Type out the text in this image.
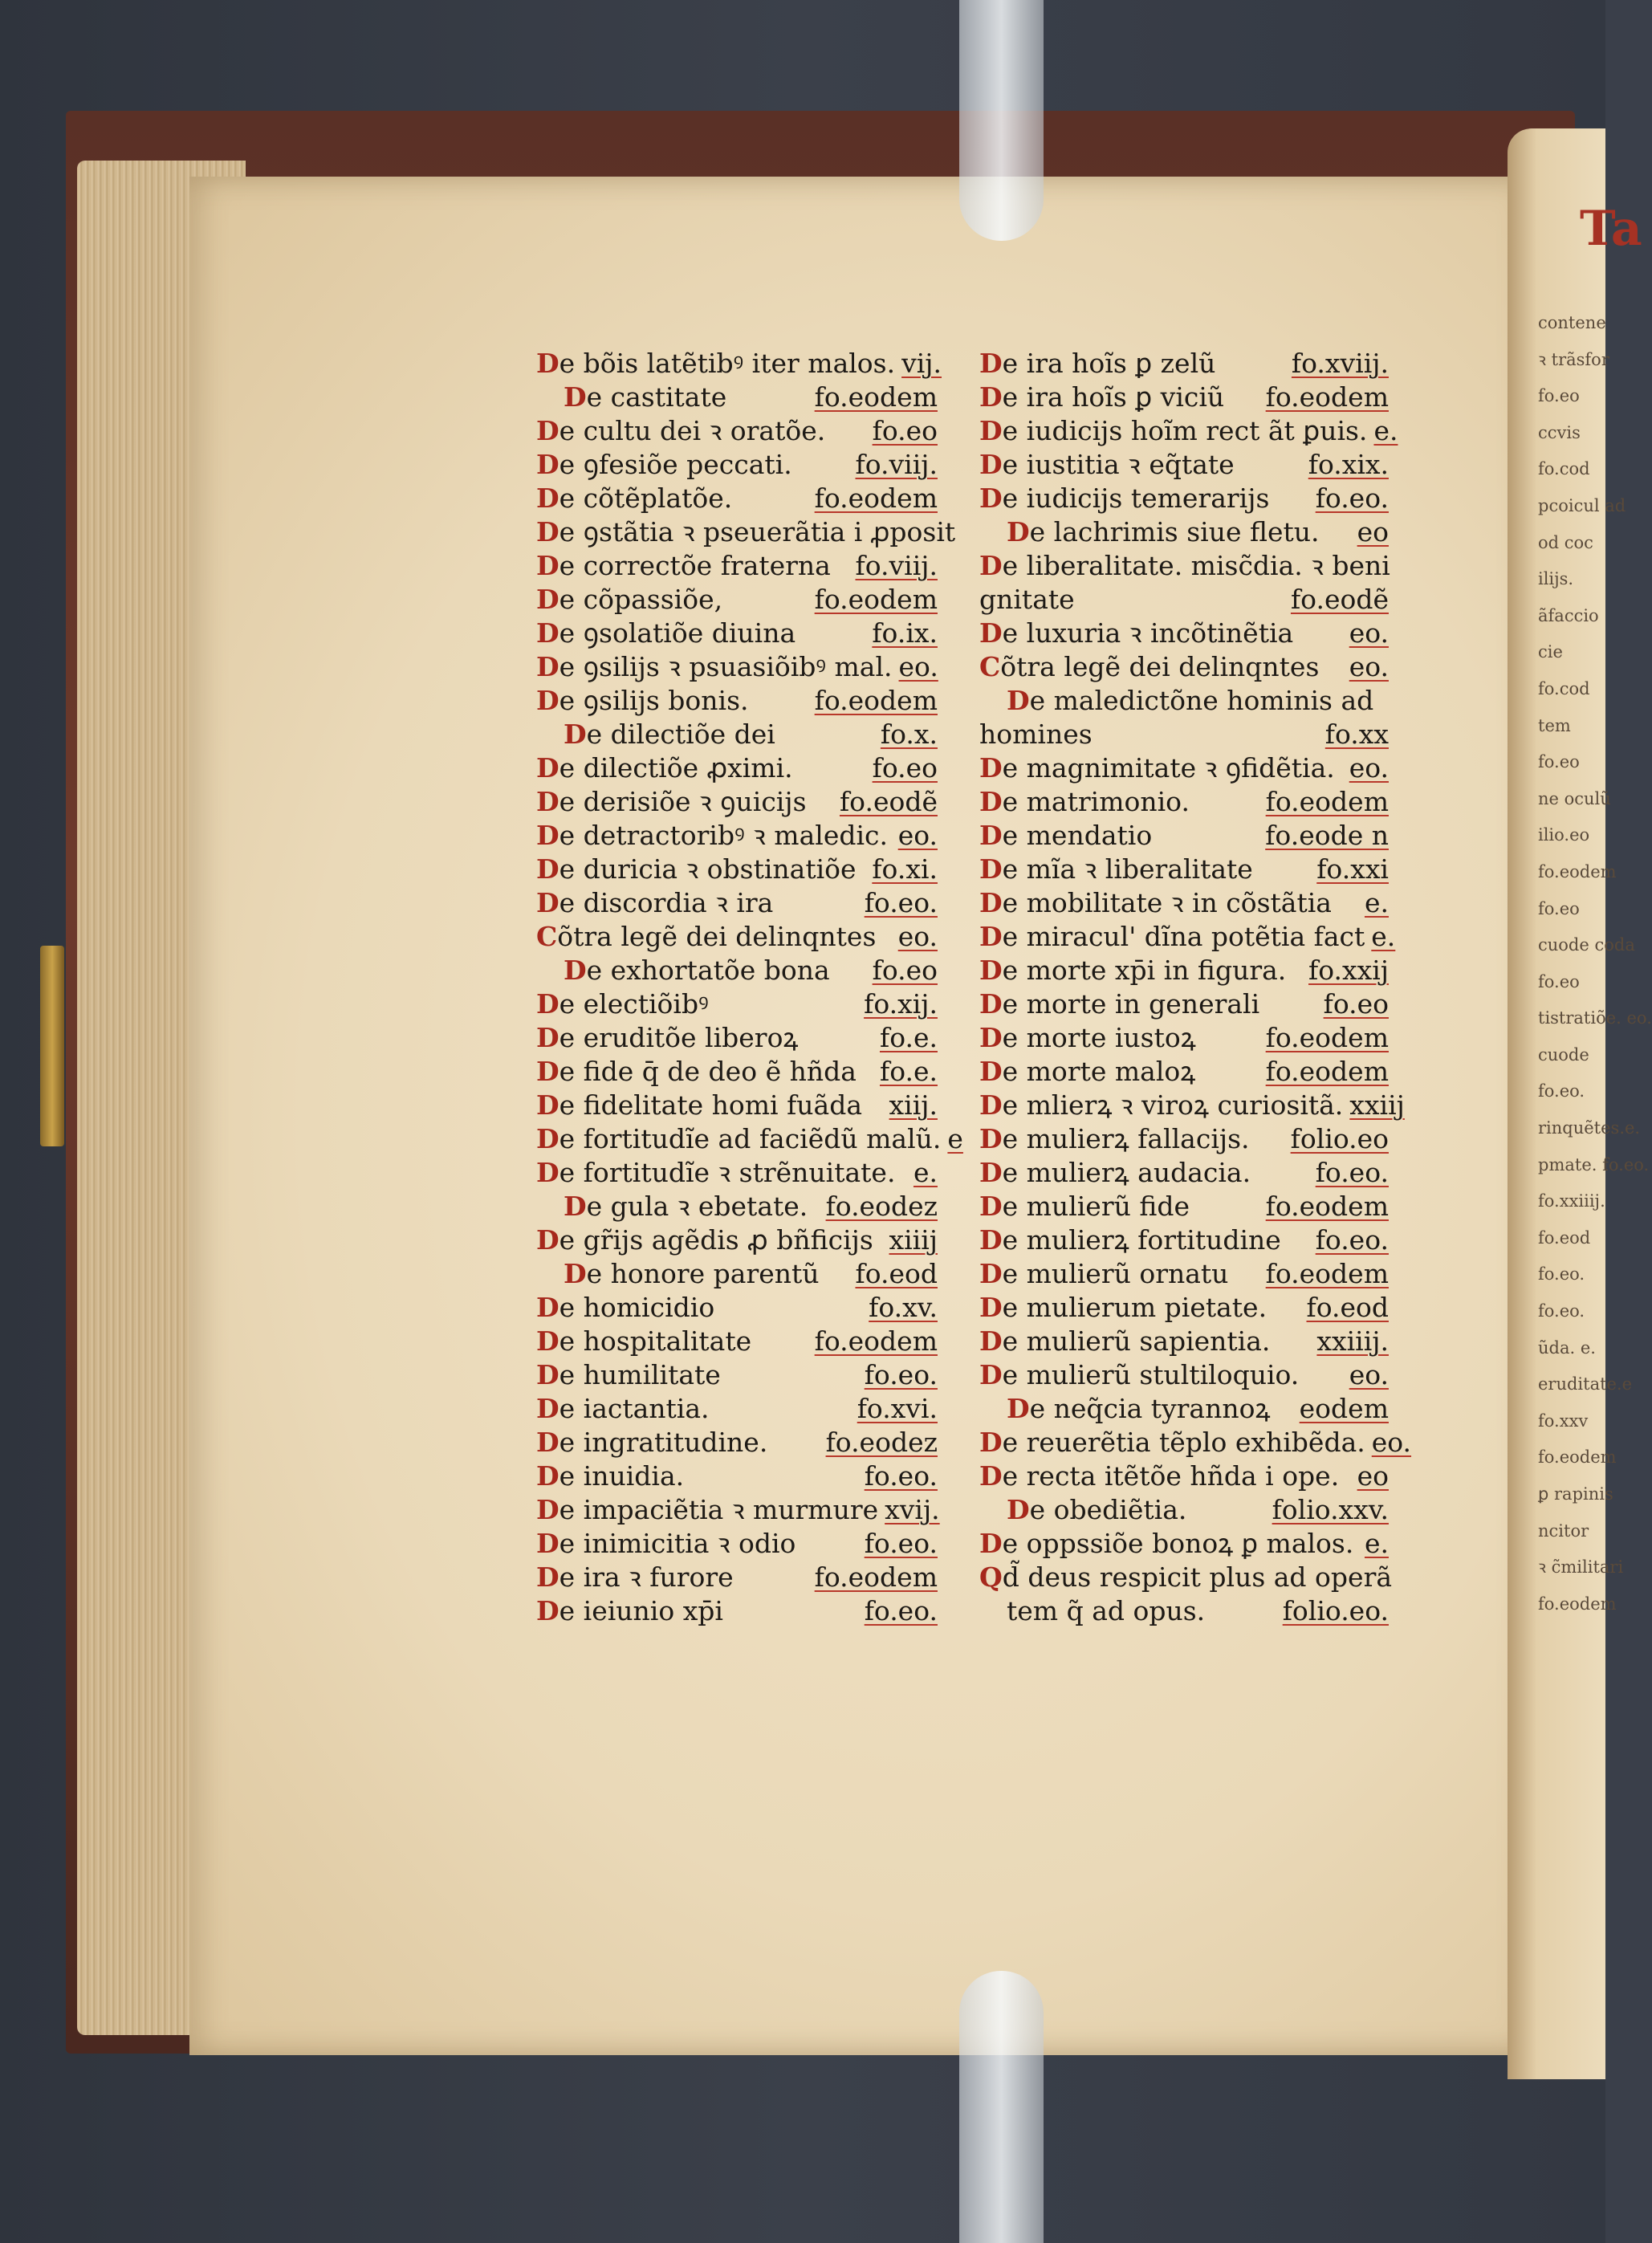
Ta
contene
ꝛ trãsfor
fo.eo
ccvis
fo.cod
pcoicul ad
od coc
ilijs.
ãfaccio
cie
fo.cod
tem
fo.eo
ne oculũ
ilio.eo
fo.eodem
fo.eo
cuode coda
fo.eo
tistratiõe. eo.
cuode
fo.eo.
rinquẽtes.e.
pmate. fo.eo.
fo.xxiiij.
fo.eod
fo.eo.
fo.eo.
ũda. e.
eruditate.e
fo.xxv
fo.eodem
ꝑ rapinis
ncitor
ꝛ c̃militari
fo.eodem
De bõis latẽtibꝰ iter malos. vij.
De castitate	fo.eodem
De cultu dei ꝛ oratõe. fo.eo
De ꝯfesiõe peccati. fo.viij.
De cõtẽplatõe.	fo.eodem
De ꝯstãtia ꝛ pseuerãtia i ꝓposit
De correctõe fraterna fo.viij.
De cõpassiõe,	fo.eodem
De ꝯsolatiõe diuina	fo.ix.
De ꝯsilijs ꝛ psuasiõibꝰ mal. eo.
De ꝯsilijs bonis. fo.eodem
De dilectiõe dei	fo.x.
De dilectiõe ꝓximi.	fo.eo
De derisiõe ꝛ ꝯuicijs fo.eodẽ
De detractoribꝰ ꝛ maledic. eo.
De duricia ꝛ obstinatiõe fo.xi.
De discordia ꝛ ira	fo.eo.
Cõtra legẽ dei delinqntes eo.
De exhortatõe bona fo.eo
De electiõibꝰ	fo.xij.
De eruditõe liberoꝝ	fo.e.
De fide q̄ de deo ẽ hñda fo.e.
De fidelitate homi fuãda xiij.
De fortitudĩe ad faciẽdũ malũ. e
De fortitudĩe ꝛ strẽnuitate. e.
De gula ꝛ ebetate. fo.eodez
De gr̃ijs agẽdis ꝓ bñficijs xiiij
De honore parentũ fo.eod
De homicidio	fo.xv.
De hospitalitate fo.eodem
De humilitate	fo.eo.
De iactantia.	fo.xvi.
De ingratitudine. fo.eodez
De inuidia.	fo.eo.
De impaciẽtia ꝛ murmure xvij.
De inimicitia ꝛ odio	fo.eo.
De ira ꝛ furore	fo.eodem
De ieiunio xp̄i	fo.eo.
De ira hoĩs ꝑ zelũ	fo.xviij.
De ira hoĩs ꝑ viciũ fo.eodem
De iudicijs hoĩm rect ãt ꝑuis. e.
De iustitia ꝛ eq̃tate	fo.xix.
De iudicijs temerarijs fo.eo.
De lachrimis siue fletu. eo
De liberalitate. misc̃dia. ꝛ beni
gnitate	fo.eodẽ
De luxuria ꝛ incõtinẽtia eo.
Cõtra legẽ dei delinqntes eo.
De maledictõne hominis ad
homines	fo.xx
De magnimitate ꝛ ꝯfidẽtia. eo.
De matrimonio.	fo.eodem
De mendatio	fo.eode n
De mĩa ꝛ liberalitate fo.xxi
De mobilitate ꝛ in cõstãtia e.
De miracul' dĩna potẽtia fact e.
De morte xp̄i in figura. fo.xxij
De morte in generali fo.eo
De morte iustoꝝ	fo.eodem
De morte maloꝝ	fo.eodem
De mlierꝝ ꝛ viroꝝ curiositã. xxiij
De mulierꝝ fallacijs. folio.eo
De mulierꝝ audacia. fo.eo.
De mulierũ fide	fo.eodem
De mulierꝝ fortitudine fo.eo.
De mulierũ ornatu fo.eodem
De mulierum pietate. fo.eod
De mulierũ sapientia. xxiiij.
De mulierũ stultiloquio. eo.
De neq̃cia tyrannoꝝ eodem
De reuerẽtia tẽplo exhibẽda. eo.
De recta itẽtõe hñda i ope. eo
De obediẽtia.	folio.xxv.
De oppssiõe bonoꝝ ꝑ malos. e.
Qd̃ deus respicit plus ad operã
tem q̃ ad opus.	folio.eo.
